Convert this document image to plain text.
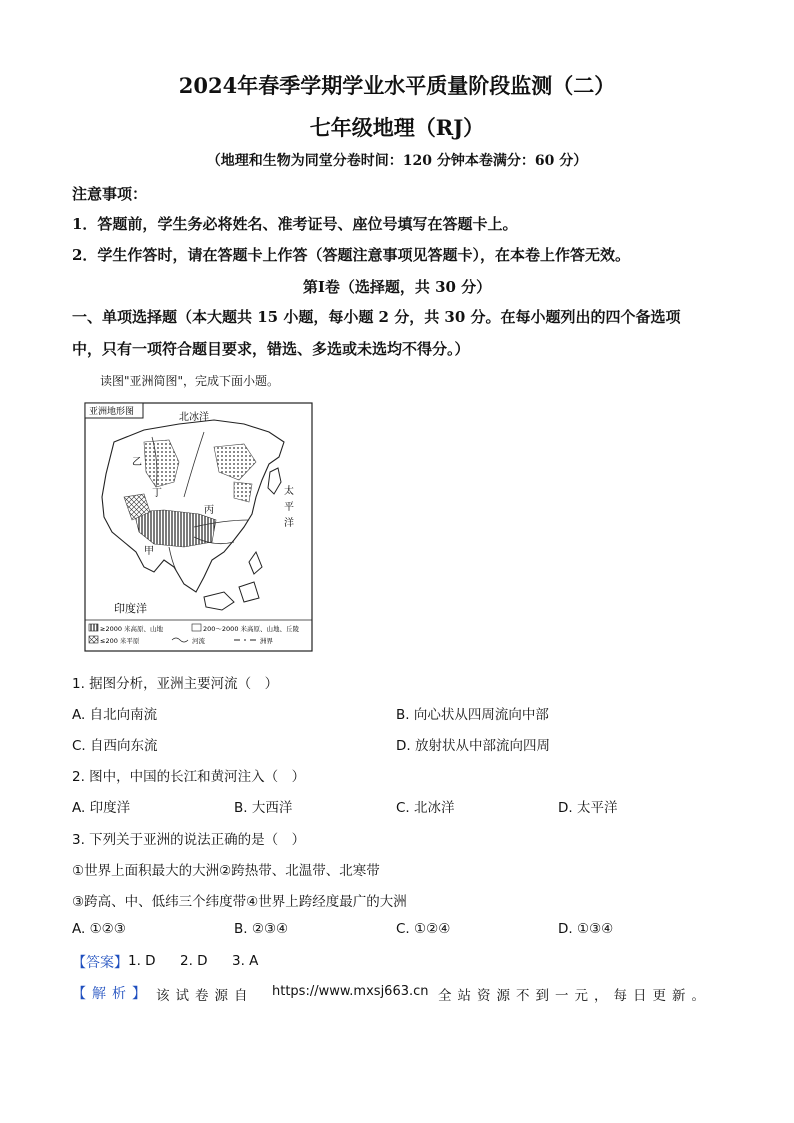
2024年春季学期学业水平质量阶段监测（二）
七年级地理（RJ）
（地理和生物为同堂分卷时间：120 分钟本卷满分：60 分）
注意事项：
1．答题前，学生务必将姓名、准考证号、座位号填写在答题卡上。
2．学生作答时，请在答题卡上作答（答题注意事项见答题卡），在本卷上作答无效。
第Ⅰ卷（选择题，共 30 分）
一、单项选择题（本大题共 15 小题，每小题 2 分，共 30 分。在每小题列出的四个备选项
中，只有一项符合题目要求，错选、多选或未选均不得分。）
读图"亚洲简图"，完成下面小题。
亚洲地形图	北冰洋
太
平
洋
印度洋
乙
丁
丙
甲
≥2000 米高原、山地	200～2000 米高原、山地、丘陵
≤200 米平原	河流	洲界
1. 据图分析，亚洲主要河流（　）
A. 自北向南流	B. 向心状从四周流向中部
C. 自西向东流	D. 放射状从中部流向四周
2. 图中，中国的长江和黄河注入（　）
A. 印度洋	B. 大西洋	C. 北冰洋	D. 太平洋
3. 下列关于亚洲的说法正确的是（　）
①世界上面积最大的大洲②跨热带、北温带、北寒带
③跨高、中、低纬三个纬度带④世界上跨经度最广的大洲
A. ①②③	B. ②③④	C. ①②④	D. ①③④
【答案】 1. D 2. D 3. A
【解析】 该试卷源自 https://www.mxsj663.cn 全站资源不到一元，每日更新。
